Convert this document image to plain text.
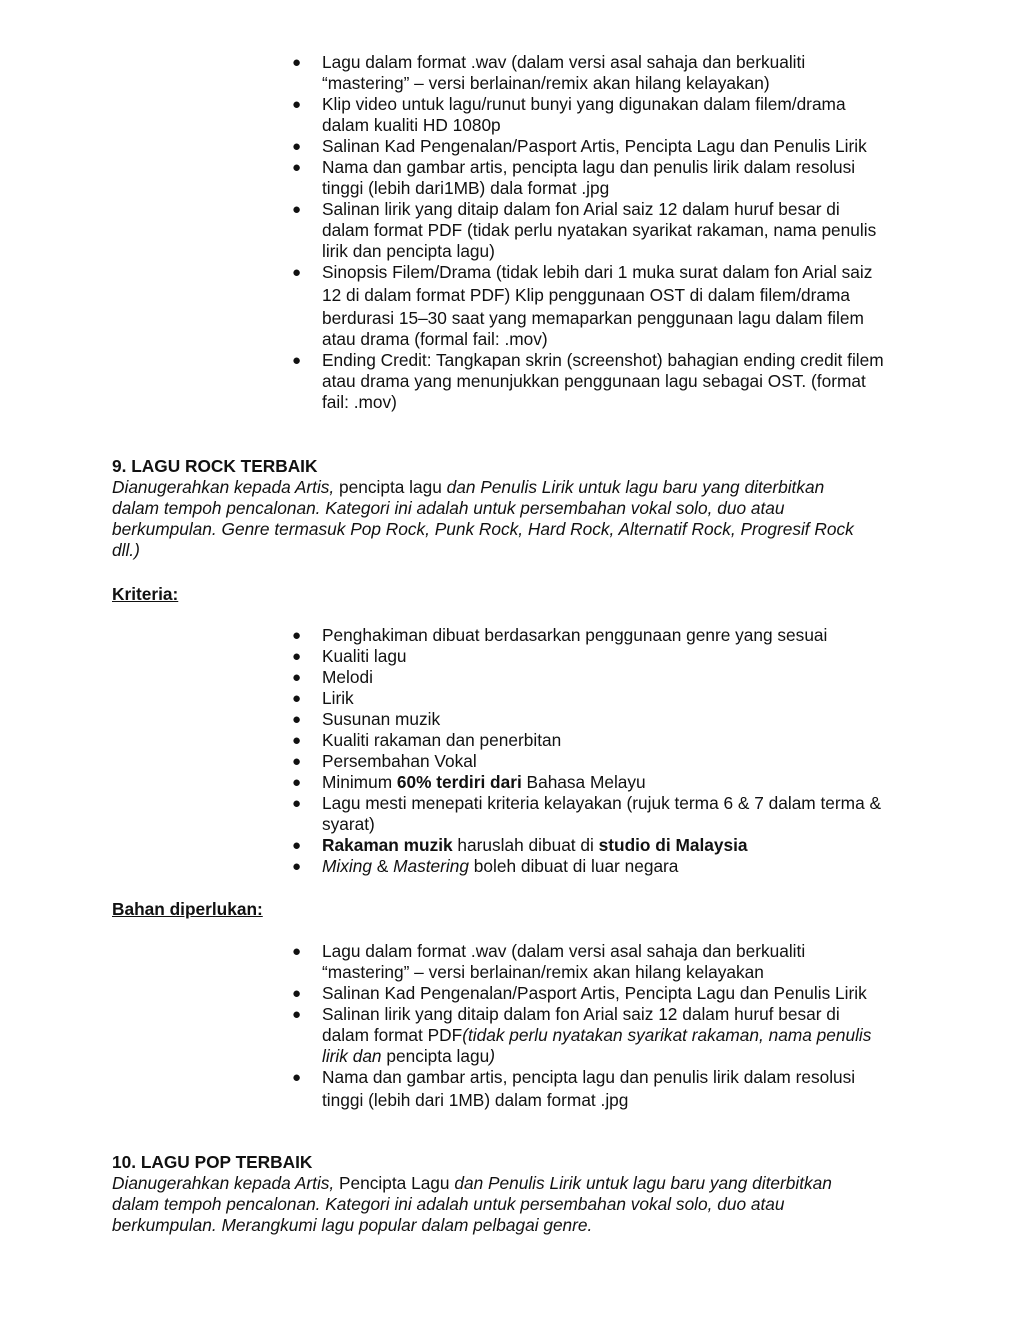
● Lagu dalam format .wav (dalam versi asal sahaja dan berkualiti
“mastering” – versi berlainan/remix akan hilang kelayakan)
● Klip video untuk lagu/runut bunyi yang digunakan dalam filem/drama
dalam kualiti HD 1080p
● Salinan Kad Pengenalan/Pasport Artis, Pencipta Lagu dan Penulis Lirik
● Nama dan gambar artis, pencipta lagu dan penulis lirik dalam resolusi
tinggi (lebih dari1MB) dala format .jpg
● Salinan lirik yang ditaip dalam fon Arial saiz 12 dalam huruf besar di
dalam format PDF (tidak perlu nyatakan syarikat rakaman, nama penulis
lirik dan pencipta lagu)
● Sinopsis Filem/Drama (tidak lebih dari 1 muka surat dalam fon Arial saiz
12 di dalam format PDF) Klip penggunaan OST di dalam filem/drama
berdurasi 15–30 saat yang memaparkan penggunaan lagu dalam filem
atau drama (formal fail: .mov)
● Ending Credit: Tangkapan skrin (screenshot) bahagian ending credit filem
atau drama yang menunjukkan penggunaan lagu sebagai OST. (format
fail: .mov)
9. LAGU ROCK TERBAIK
Dianugerahkan kepada Artis, pencipta lagu dan Penulis Lirik untuk lagu baru yang diterbitkan
dalam tempoh pencalonan. Kategori ini adalah untuk persembahan vokal solo, duo atau
berkumpulan. Genre termasuk Pop Rock, Punk Rock, Hard Rock, Alternatif Rock, Progresif Rock
dll.)
Kriteria:
● Penghakiman dibuat berdasarkan penggunaan genre yang sesuai
● Kualiti lagu
● Melodi
● Lirik
● Susunan muzik
● Kualiti rakaman dan penerbitan
● Persembahan Vokal
● Minimum 60% terdiri dari Bahasa Melayu
● Lagu mesti menepati kriteria kelayakan (rujuk terma 6 & 7 dalam terma &
syarat)
● Rakaman muzik haruslah dibuat di studio di Malaysia
● Mixing & Mastering boleh dibuat di luar negara
Bahan diperlukan:
● Lagu dalam format .wav (dalam versi asal sahaja dan berkualiti
“mastering” – versi berlainan/remix akan hilang kelayakan
● Salinan Kad Pengenalan/Pasport Artis, Pencipta Lagu dan Penulis Lirik
● Salinan lirik yang ditaip dalam fon Arial saiz 12 dalam huruf besar di
dalam format PDF(tidak perlu nyatakan syarikat rakaman, nama penulis
lirik dan pencipta lagu)
● Nama dan gambar artis, pencipta lagu dan penulis lirik dalam resolusi
tinggi (lebih dari 1MB) dalam format .jpg
10. LAGU POP TERBAIK
Dianugerahkan kepada Artis, Pencipta Lagu dan Penulis Lirik untuk lagu baru yang diterbitkan
dalam tempoh pencalonan. Kategori ini adalah untuk persembahan vokal solo, duo atau
berkumpulan. Merangkumi lagu popular dalam pelbagai genre.
